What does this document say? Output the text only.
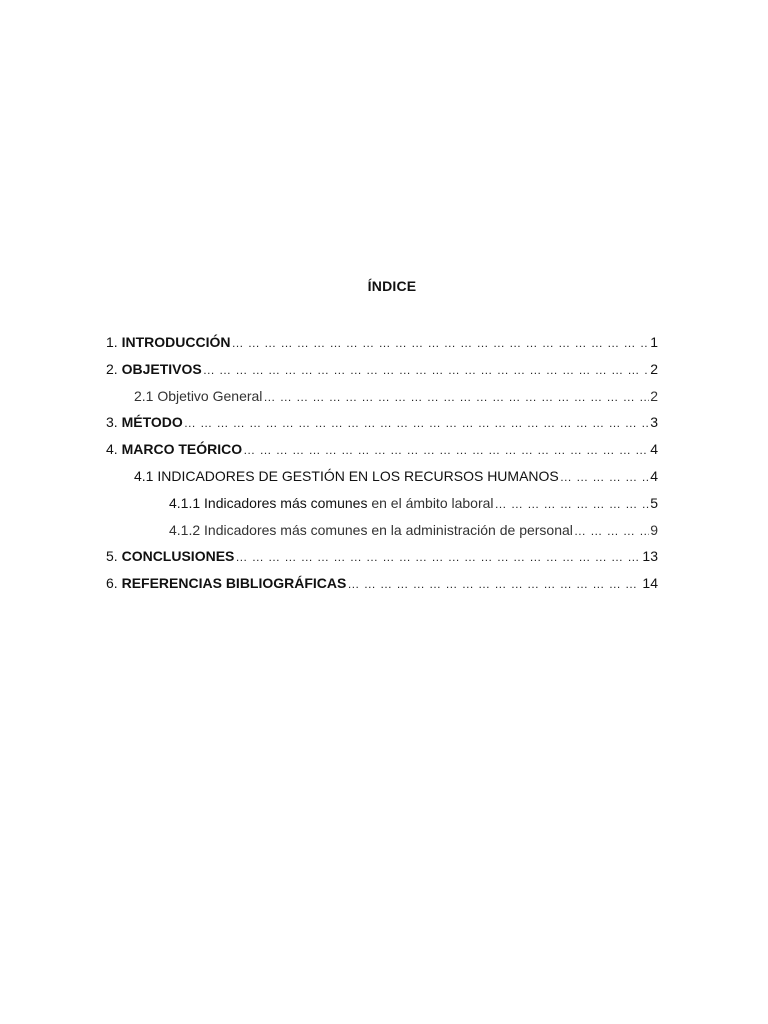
ÍNDICE
1. INTRODUCCIÓN … … … … … … … … … … … … … … … … … … … … … … … … … … … … … … … … … … … … … … … … … … … … … … … … … … … … … … … … … … … … … … … … … … …	1
2. OBJETIVOS … … … … … … … … … … … … … … … … … … … … … … … … … … … … … … … … … … … … … … … … … … … … … … … … … … … … … … … … … … … … … … … … … … …	2
2.1 Objetivo General … … … … … … … … … … … … … … … … … … … … … … … … … … … … … … … … … … … … … … … … … … … … … … … … … … … … … … … … … … … … … … … … … … …	2
3. MÉTODO … … … … … … … … … … … … … … … … … … … … … … … … … … … … … … … … … … … … … … … … … … … … … … … … … … … … … … … … … … … … … … … … … … …	3
4. MARCO TEÓRICO … … … … … … … … … … … … … … … … … … … … … … … … … … … … … … … … … … … … … … … … … … … … … … … … … … … … … … … … … … … … … … … … … … …	4
4.1 INDICADORES DE GESTIÓN EN LOS RECURSOS HUMANOS … … … … … … … … … … … … … … … … … … … … … … … … … … … … … … … … … … … … … … … … … … … … … … … … … … … … … … … … … … … … … … … … … … …	4
4.1.1 Indicadores más comunes en el ámbito laboral … … … … … … … … … … … … … … … … … … … … … … … … … … … … … … … … … … … … … … … … … … … … … … … … … … … … … … … … … … … … … … … … … … …	5
4.1.2 Indicadores más comunes en la administración de personal … … … … … … … … … … … … … … … … … … … … … … … … … … … … … … … … … … … … … … … … … … … … … … … … … … … … … … … … … … … … … … … … … … …	9
5. CONCLUSIONES … … … … … … … … … … … … … … … … … … … … … … … … … … … … … … … … … … … … … … … … … … … … … … … … … … … … … … … … … … … … … … … … … … …	13
6. REFERENCIAS BIBLIOGRÁFICAS … … … … … … … … … … … … … … … … … … … … … … … … … … … … … … … … … … … … … … … … … … … … … … … … … … … … … … … … … … … … … … … … … … …	14
